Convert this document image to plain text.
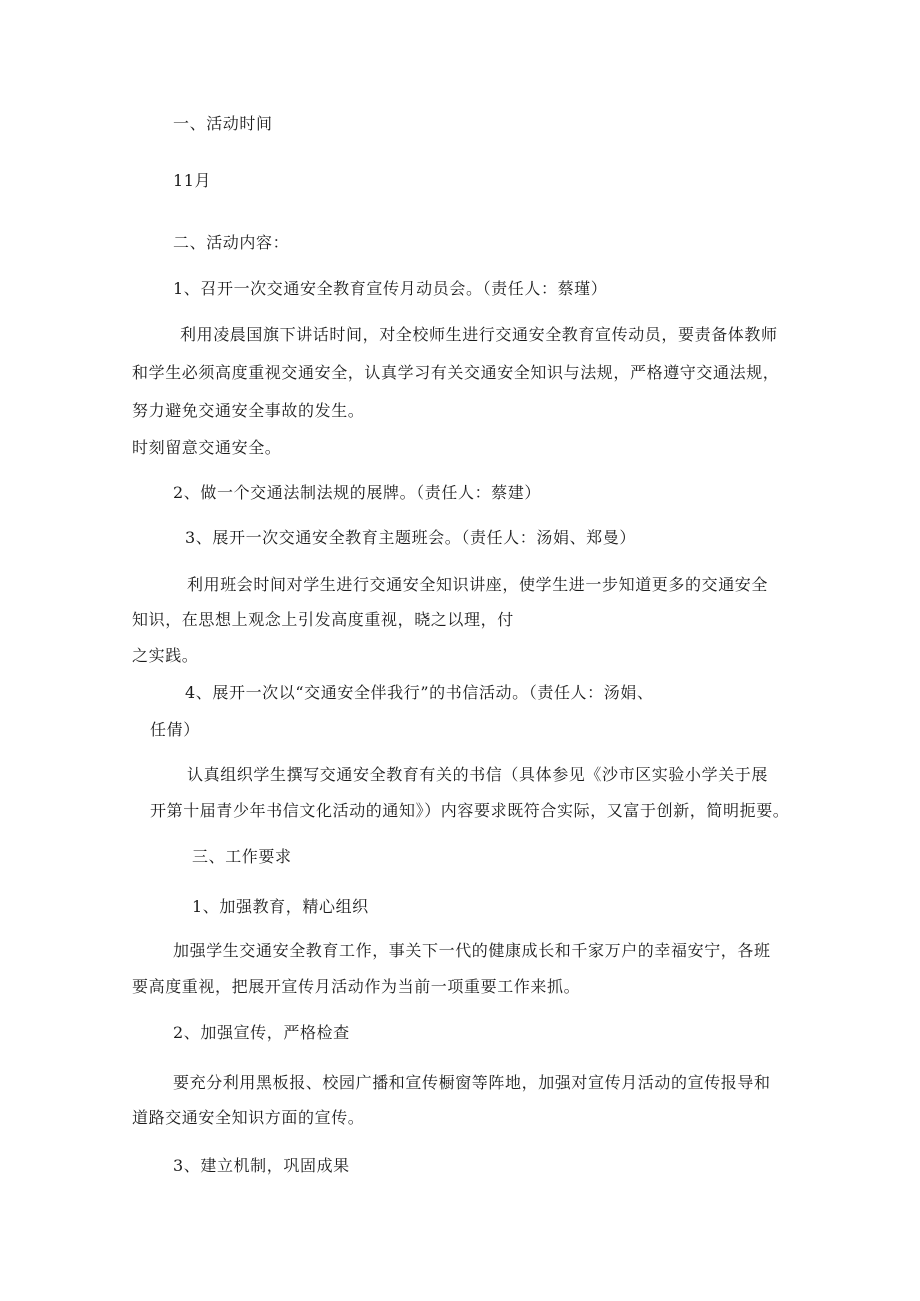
一、活动时间
11月
二、活动内容：
1、召开一次交通安全教育宣传月动员会。（责任人：蔡瑾）
利用凌晨国旗下讲话时间，对全校师生进行交通安全教育宣传动员，要责备体教师
和学生必须高度重视交通安全，认真学习有关交通安全知识与法规，严格遵守交通法规，
努力避免交通安全事故的发生。
时刻留意交通安全。
2、做一个交通法制法规的展牌。（责任人：蔡建）
3、展开一次交通安全教育主题班会。（责任人：汤娟、郑曼）
利用班会时间对学生进行交通安全知识讲座，使学生进一步知道更多的交通安全
知识，在思想上观念上引发高度重视，晓之以理，付
之实践。
4、展开一次以“交通安全伴我行”的书信活动。（责任人：汤娟、
任倩）
认真组织学生撰写交通安全教育有关的书信（具体参见《沙市区实验小学关于展
开第十届青少年书信文化活动的通知》）内容要求既符合实际，又富于创新，简明扼要。
三、工作要求
1、加强教育，精心组织
加强学生交通安全教育工作，事关下一代的健康成长和千家万户的幸福安宁，各班
要高度重视，把展开宣传月活动作为当前一项重要工作来抓。
2、加强宣传，严格检查
要充分利用黑板报、校园广播和宣传橱窗等阵地，加强对宣传月活动的宣传报导和
道路交通安全知识方面的宣传。
3、建立机制，巩固成果
